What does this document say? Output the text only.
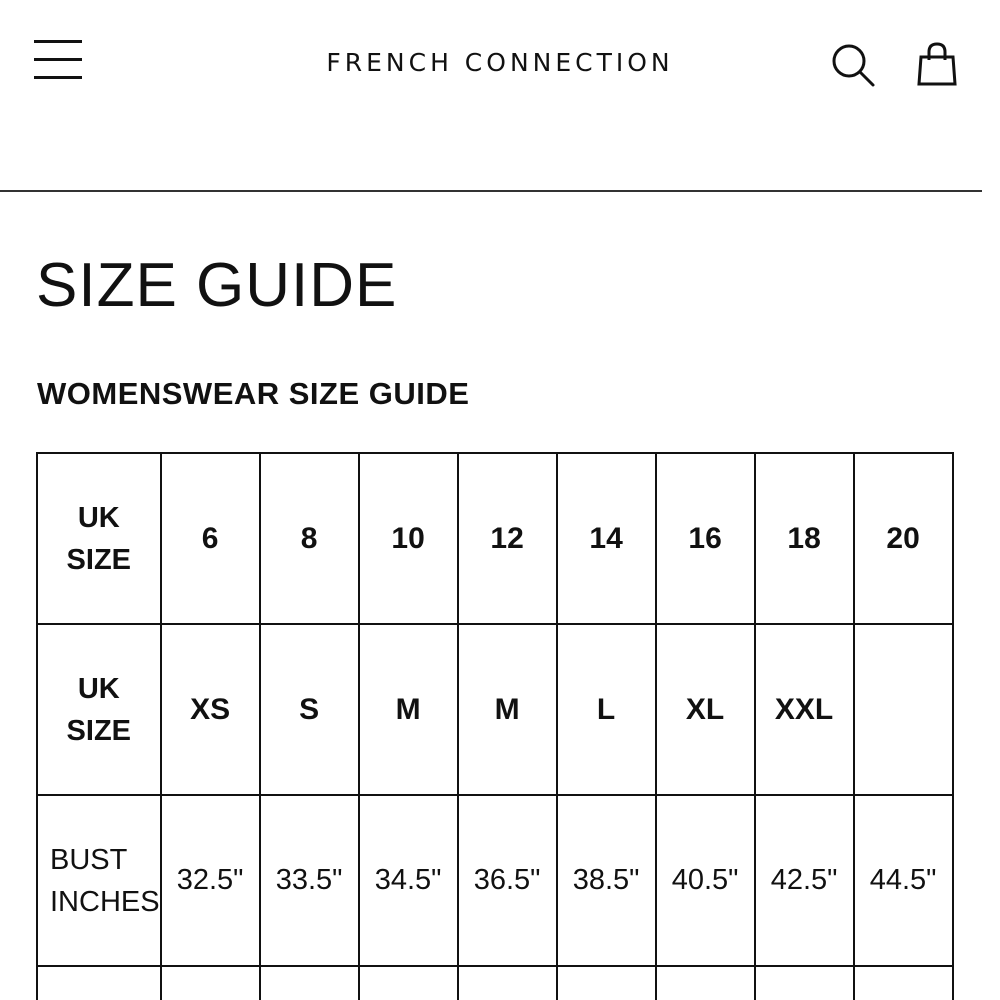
FRENCH CONNECTION
SIZE GUIDE
WOMENSWEAR SIZE GUIDE
UK
SIZE	6	8	10	12	14	16	18	20

UK
SIZE	XS	S	M	M	L	XL	XXL	

BUST
INCHES	32.5"	33.5"	34.5"	36.5"	38.5"	40.5"	42.5"	44.5"
